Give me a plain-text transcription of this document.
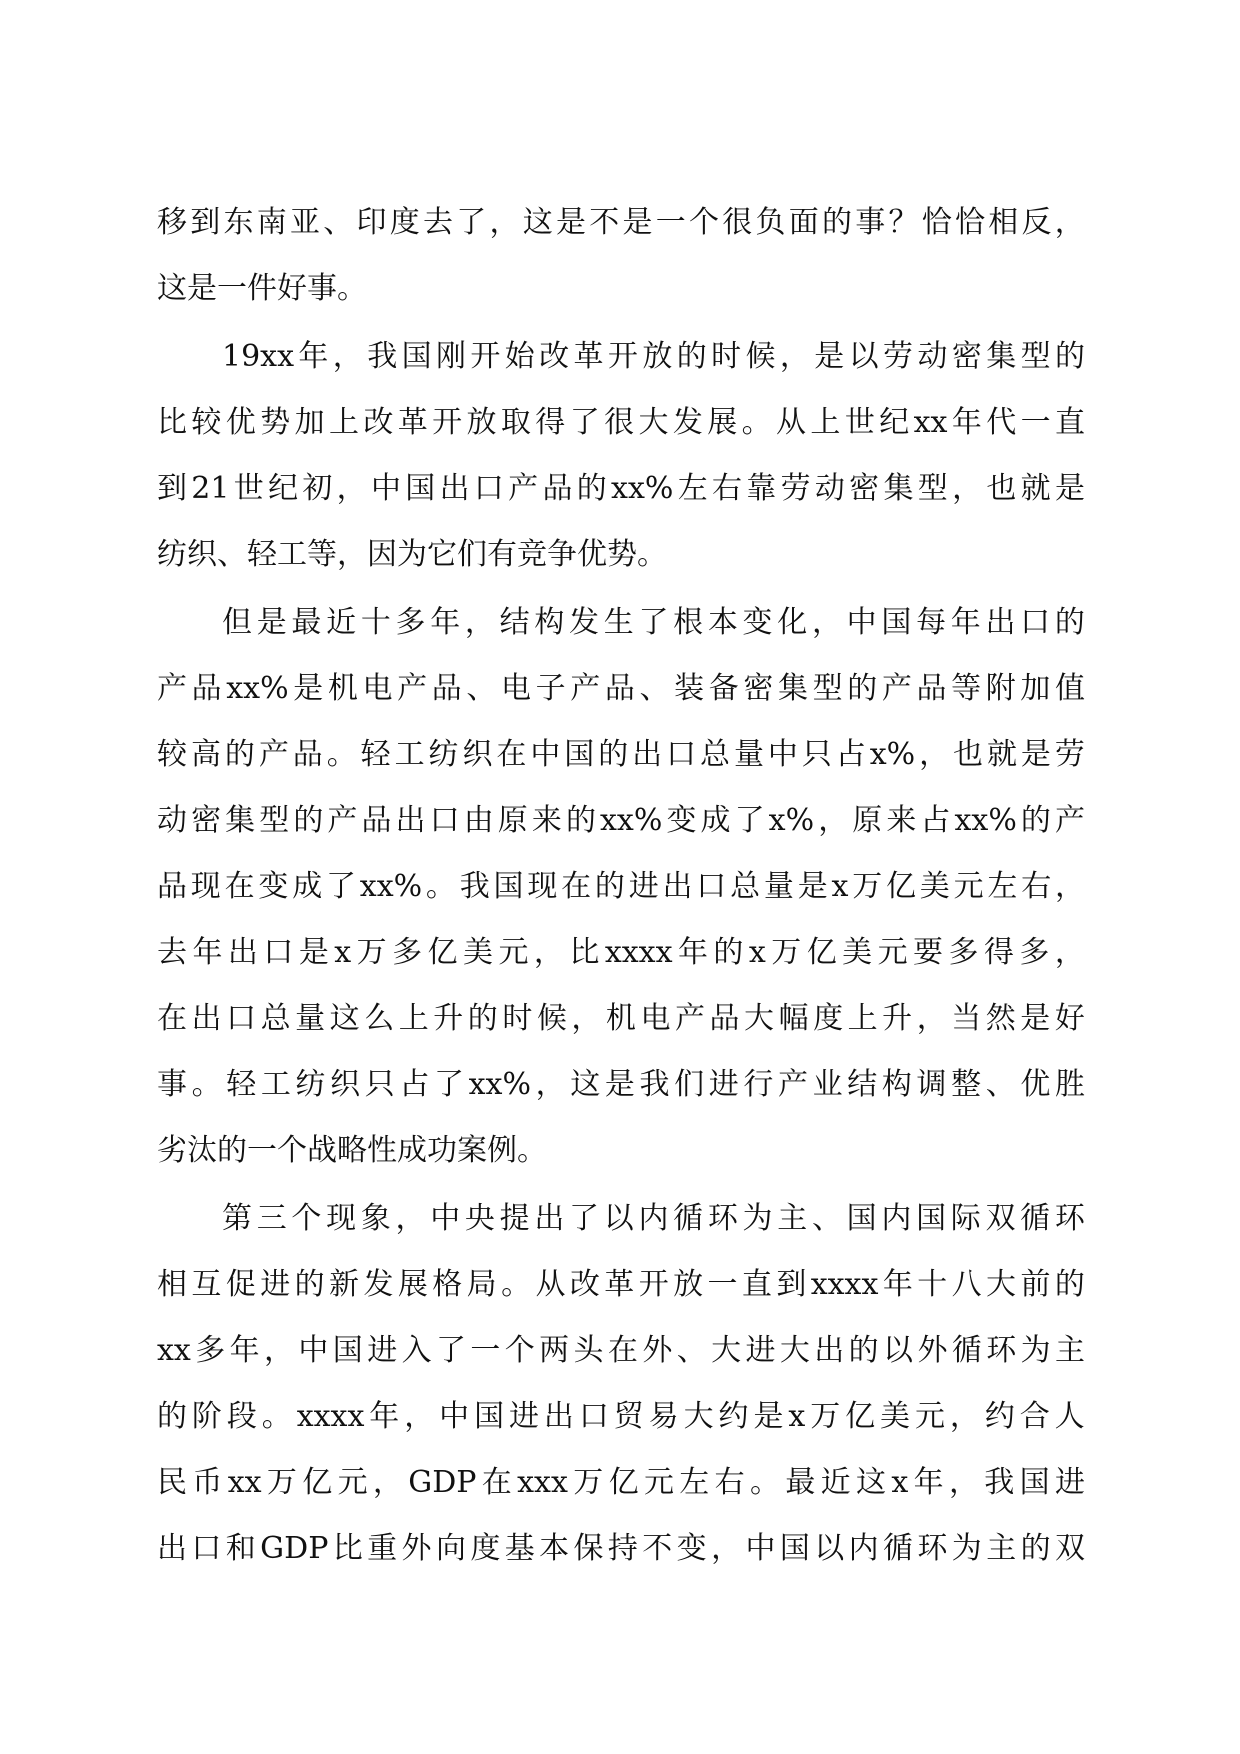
移 到 东 南 亚 、 印 度 去 了 ， 这 是 不 是 一 个 很 负 面 的 事 ？ 恰 恰 相 反 ，
这是一件好事。
19xx 年 ， 我 国 刚 开 始 改 革 开 放 的 时 候 ， 是 以 劳 动 密 集 型 的
比 较 优 势 加 上 改 革 开 放 取 得 了 很 大 发 展 。 从 上 世 纪 xx 年 代 一 直
到 21 世 纪 初 ， 中 国 出 口 产 品 的 xx% 左 右 靠 劳 动 密 集 型 ， 也 就 是
纺织、轻工等，因为它们有竞争优势。
但 是 最 近 十 多 年 ， 结 构 发 生 了 根 本 变 化 ， 中 国 每 年 出 口 的
产 品 xx% 是 机 电 产 品 、 电 子 产 品 、 装 备 密 集 型 的 产 品 等 附 加 值
较 高 的 产 品 。 轻 工 纺 织 在 中 国 的 出 口 总 量 中 只 占 x% ， 也 就 是 劳
动 密 集 型 的 产 品 出 口 由 原 来 的 xx% 变 成 了 x% ， 原 来 占 xx% 的 产
品 现 在 变 成 了 xx% 。 我 国 现 在 的 进 出 口 总 量 是 x 万 亿 美 元 左 右 ，
去 年 出 口 是 x 万 多 亿 美 元 ， 比 xxxx 年 的 x 万 亿 美 元 要 多 得 多 ，
在 出 口 总 量 这 么 上 升 的 时 候 ， 机 电 产 品 大 幅 度 上 升 ， 当 然 是 好
事 。 轻 工 纺 织 只 占 了 xx% ， 这 是 我 们 进 行 产 业 结 构 调 整 、 优 胜
劣汰的一个战略性成功案例。
第 三 个 现 象 ， 中 央 提 出 了 以 内 循 环 为 主 、 国 内 国 际 双 循 环
相 互 促 进 的 新 发 展 格 局 。 从 改 革 开 放 一 直 到 xxxx 年 十 八 大 前 的
xx 多 年 ， 中 国 进 入 了 一 个 两 头 在 外 、 大 进 大 出 的 以 外 循 环 为 主
的 阶 段 。 xxxx 年 ， 中 国 进 出 口 贸 易 大 约 是 x 万 亿 美 元 ， 约 合 人
民 币 xx 万 亿 元 ， GDP 在 xxx 万 亿 元 左 右 。 最 近 这 x 年 ， 我 国 进
出 口 和 GDP 比 重 外 向 度 基 本 保 持 不 变 ， 中 国 以 内 循 环 为 主 的 双
